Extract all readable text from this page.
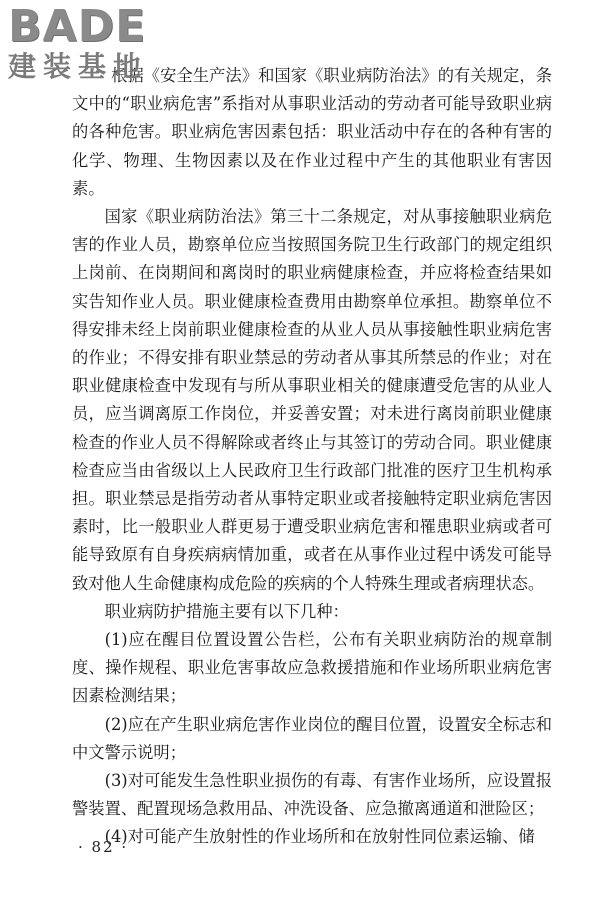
BADE
建装基地

根据《安全生产法》和国家《职业病防治法》的有关规定，条文中的“职业病危害”系指对从事职业活动的劳动者可能导致职业病的各种危害。职业病危害因素包括：职业活动中存在的各种有害的化学、物理、生物因素以及在作业过程中产生的其他职业有害因素。

国家《职业病防治法》第三十二条规定，对从事接触职业病危害的作业人员，勘察单位应当按照国务院卫生行政部门的规定组织上岗前、在岗期间和离岗时的职业病健康检查，并应将检查结果如实告知作业人员。职业健康检查费用由勘察单位承担。勘察单位不得安排未经上岗前职业健康检查的从业人员从事接触性职业病危害的作业；不得安排有职业禁忌的劳动者从事其所禁忌的作业；对在职业健康检查中发现有与所从事职业相关的健康遭受危害的从业人员，应当调离原工作岗位，并妥善安置；对未进行离岗前职业健康检查的作业人员不得解除或者终止与其签订的劳动合同。职业健康检查应当由省级以上人民政府卫生行政部门批准的医疗卫生机构承担。职业禁忌是指劳动者从事特定职业或者接触特定职业病危害因素时，比一般职业人群更易于遭受职业病危害和罹患职业病或者可能导致原有自身疾病病情加重，或者在从事作业过程中诱发可能导致对他人生命健康构成危险的疾病的个人特殊生理或者病理状态。

职业病防护措施主要有以下几种：

(1)应在醒目位置设置公告栏，公布有关职业病防治的规章制度、操作规程、职业危害事故应急救援措施和作业场所职业病危害因素检测结果；

(2)应在产生职业病危害作业岗位的醒目位置，设置安全标志和中文警示说明；

(3)对可能发生急性职业损伤的有毒、有害作业场所，应设置报警装置、配置现场急救用品、冲洗设备、应急撤离通道和泄险区；

(4)对可能产生放射性的作业场所和在放射性同位素运输、储

· 82 ·
